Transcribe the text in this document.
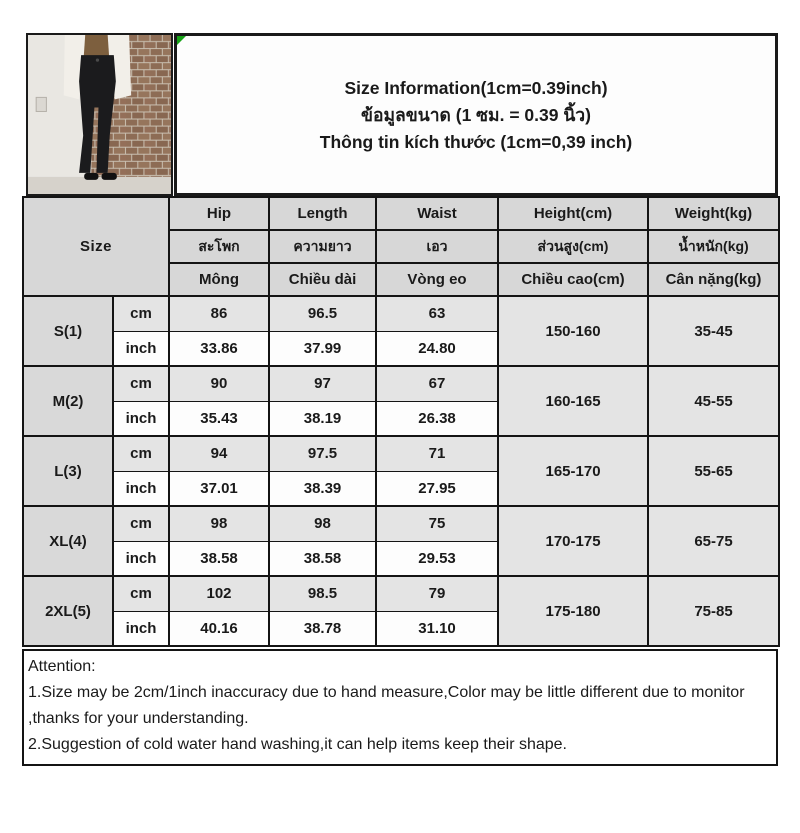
Size Information(1cm=0.39inch)
ข้อมูลขนาด (1 ซม. = 0.39 นิ้ว)
Thông tin kích thước (1cm=0,39 inch)
Size		Hip	Length	Waist	Height(cm)	Weight(kg)
		สะโพก	ความยาว	เอว	ส่วนสูง(cm)	น้ำหนัก(kg)
		Mông	Chiều dài	Vòng eo	Chiều cao(cm)	Cân nặng(kg)
S(1)	cm	86	96.5	63	150-160	35-45
	inch	33.86	37.99	24.80		
M(2)	cm	90	97	67	160-165	45-55
	inch	35.43	38.19	26.38		
L(3)	cm	94	97.5	71	165-170	55-65
	inch	37.01	38.39	27.95		
XL(4)	cm	98	98	75	170-175	65-75
	inch	38.58	38.58	29.53		
2XL(5)	cm	102	98.5	79	175-180	75-85
	inch	40.16	38.78	31.10		
Attention:
1.Size may be 2cm/1inch inaccuracy due to hand measure,Color may be little different due to monitor ,thanks for your understanding.
2.Suggestion of cold water hand washing,it can help items keep their shape.
